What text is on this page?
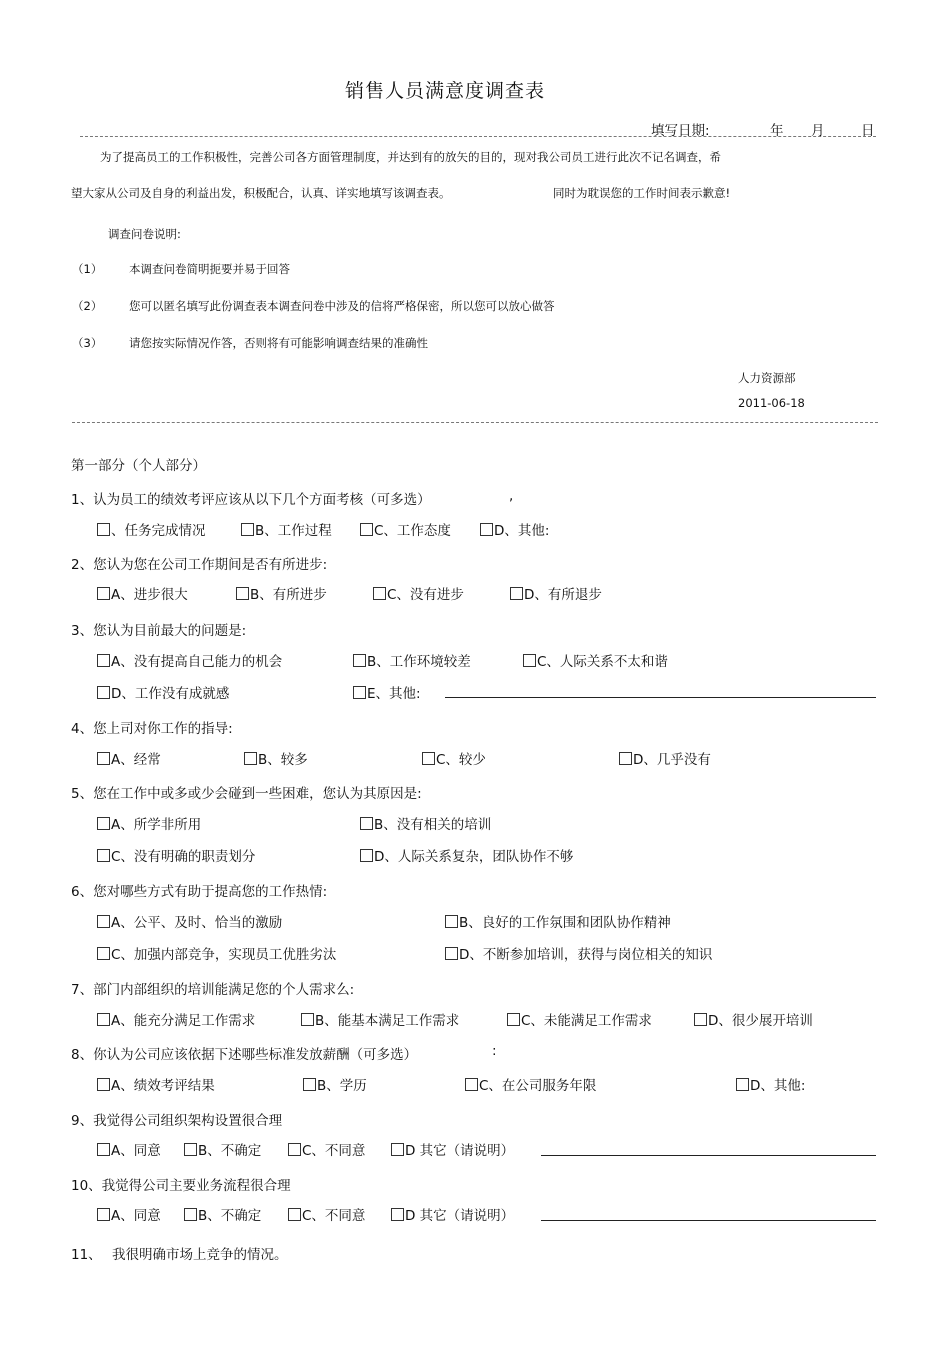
销售人员满意度调查表
填写日期:	年 月	日
为了提高员工的工作积极性，完善公司各方面管理制度，并达到有的放矢的目的，现对我公司员工进行此次不记名调查，希
望大家从公司及自身的利益出发，积极配合，认真、详实地填写该调查表。	同时为耽误您的工作时间表示歉意!
调查问卷说明:
（1） 本调查问卷简明扼要并易于回答
（2） 您可以匿名填写此份调查表本调查问卷中涉及的信将严格保密，所以您可以放心做答
（3） 请您按实际情况作答，否则将有可能影响调查结果的准确性
人力资源部
2011-06-18
第一部分（个人部分）
1、认为员工的绩效考评应该从以下几个方面考核（可多选）	,
、任务完成情况	B、工作过程	C、工作态度	D、其他:
2、您认为您在公司工作期间是否有所进步:
A、进步很大	B、有所进步	C、没有进步	D、有所退步
3、您认为目前最大的问题是:
A、没有提高自己能力的机会	B、工作环境较差	C、人际关系不太和谐
D、工作没有成就感	E、其他:
4、您上司对你工作的指导:
A、经常	B、较多	C、较少	D、几乎没有
5、您在工作中或多或少会碰到一些困难，您认为其原因是:
A、所学非所用	B、没有相关的培训
C、没有明确的职责划分	D、人际关系复杂，团队协作不够
6、您对哪些方式有助于提高您的工作热情:
A、公平、及时、恰当的激励	B、良好的工作氛围和团队协作精神
C、加强内部竞争，实现员工优胜劣汰	D、不断参加培训，获得与岗位相关的知识
7、部门内部组织的培训能满足您的个人需求么:
A、能充分满足工作需求	B、能基本满足工作需求	C、未能满足工作需求	D、很少展开培训
8、你认为公司应该依据下述哪些标准发放薪酬（可多选）	:
A、绩效考评结果	B、学历	C、在公司服务年限	D、其他:
9、我觉得公司组织架构设置很合理
A、同意	B、不确定	C、不同意	D 其它（请说明）
10、我觉得公司主要业务流程很合理
A、同意	B、不确定	C、不同意	D 其它（请说明）
11、 我很明确市场上竞争的情况。
